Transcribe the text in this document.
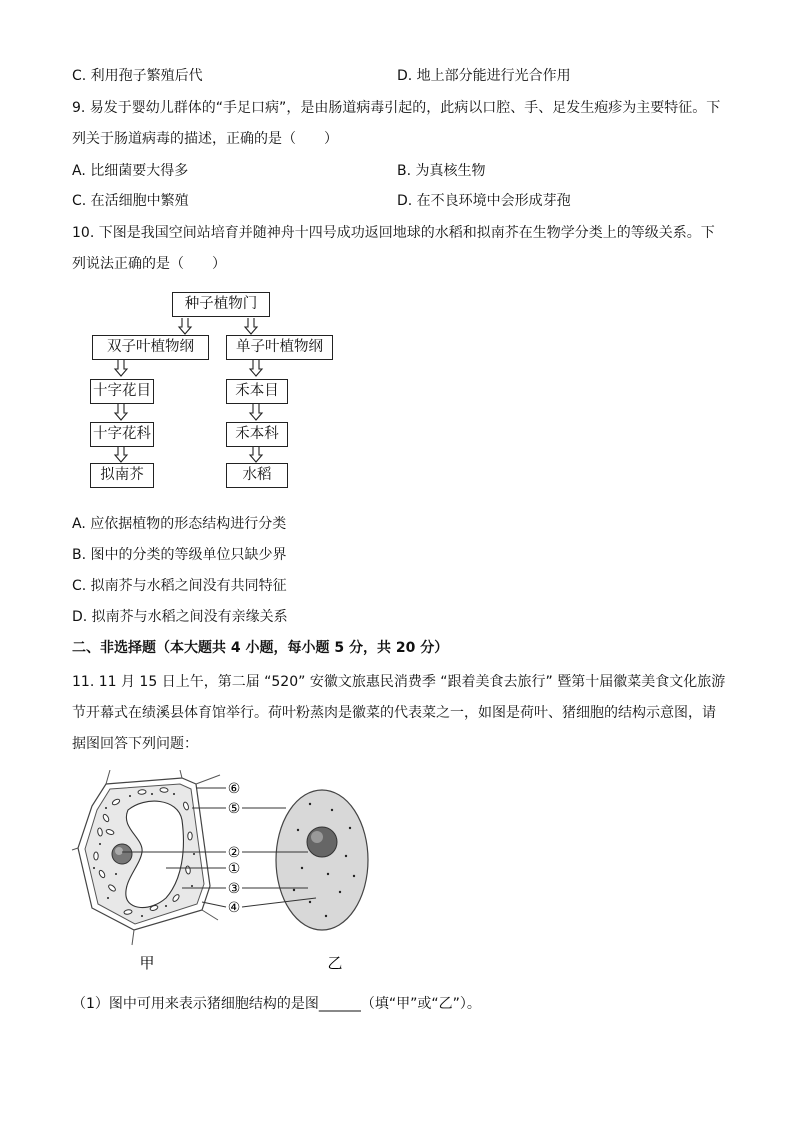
C. 利用孢子繁殖后代	D. 地上部分能进行光合作用
9. 易发于婴幼儿群体的“手足口病”，是由肠道病毒引起的，此病以口腔、手、足发生疱疹为主要特征。下
列关于肠道病毒的描述，正确的是（　　）
A. 比细菌要大得多	B. 为真核生物
C. 在活细胞中繁殖	D. 在不良环境中会形成芽孢
10. 下图是我国空间站培育并随神舟十四号成功返回地球的水稻和拟南芥在生物学分类上的等级关系。下
列说法正确的是（　　）
种子植物门
双子叶植物纲	单子叶植物纲
十字花目	禾本目
十字花科	禾本科
拟南芥	水稻
A. 应依据植物的形态结构进行分类
B. 图中的分类的等级单位只缺少界
C. 拟南芥与水稻之间没有共同特征
D. 拟南芥与水稻之间没有亲缘关系
二、非选择题（本大题共 4 小题，每小题 5 分，共 20 分）
11. 11 月 15 日上午，第二届 “520” 安徽文旅惠民消费季 “跟着美食去旅行” 暨第十届徽菜美食文化旅游
节开幕式在绩溪县体育馆举行。荷叶粉蒸肉是徽菜的代表菜之一，如图是荷叶、猪细胞的结构示意图，请
据图回答下列问题：
⑥
⑤
②
①
③
④
甲	乙
（1）图中可用来表示猪细胞结构的是图______（填“甲”或“乙”）。
